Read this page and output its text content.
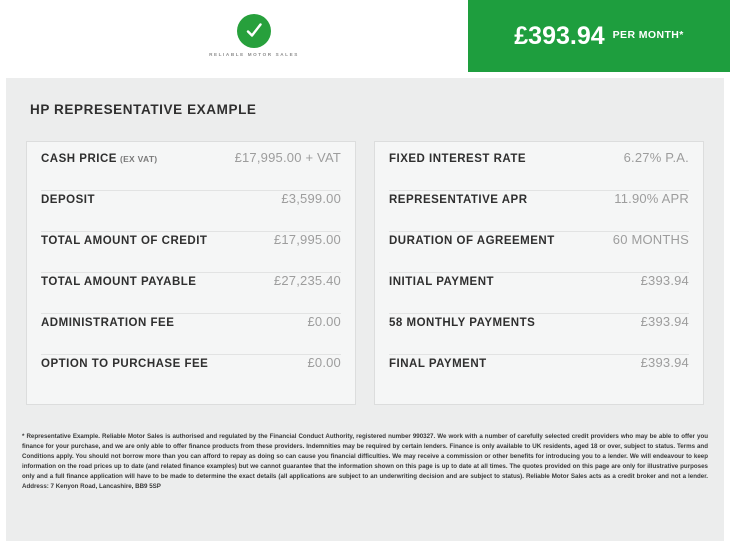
RELIABLE MOTOR SALES
£393.94 PER MONTH*
HP REPRESENTATIVE EXAMPLE
CASH PRICE (EX VAT)	£17,995.00 + VAT
DEPOSIT	£3,599.00
TOTAL AMOUNT OF CREDIT	£17,995.00
TOTAL AMOUNT PAYABLE	£27,235.40
ADMINISTRATION FEE	£0.00
OPTION TO PURCHASE FEE	£0.00
FIXED INTEREST RATE	6.27% P.A.
REPRESENTATIVE APR	11.90% APR
DURATION OF AGREEMENT	60 MONTHS
INITIAL PAYMENT	£393.94
58 MONTHLY PAYMENTS	£393.94
FINAL PAYMENT	£393.94
* Representative Example. Reliable Motor Sales is authorised and regulated by the Financial Conduct Authority, registered number 990327. We work with a number of carefully selected credit providers who may be able to offer you finance for your purchase, and we are only able to offer finance products from these providers. Indemnities may be required by certain lenders. Finance is only available to UK residents, aged 18 or over, subject to status. Terms and Conditions apply. You should not borrow more than you can afford to repay as doing so can cause you financial difficulties. We may receive a commission or other benefits for introducing you to a lender. We will endeavour to keep information on the road prices up to date (and related finance examples) but we cannot guarantee that the information shown on this page is up to date at all times. The quotes provided on this page are only for illustrative purposes only and a full finance application will have to be made to determine the exact details (all applications are subject to an underwriting decision and are subject to status). Reliable Motor Sales acts as a credit broker and not a lender. Address: 7 Kenyon Road, Lancashire, BB9 5SP
